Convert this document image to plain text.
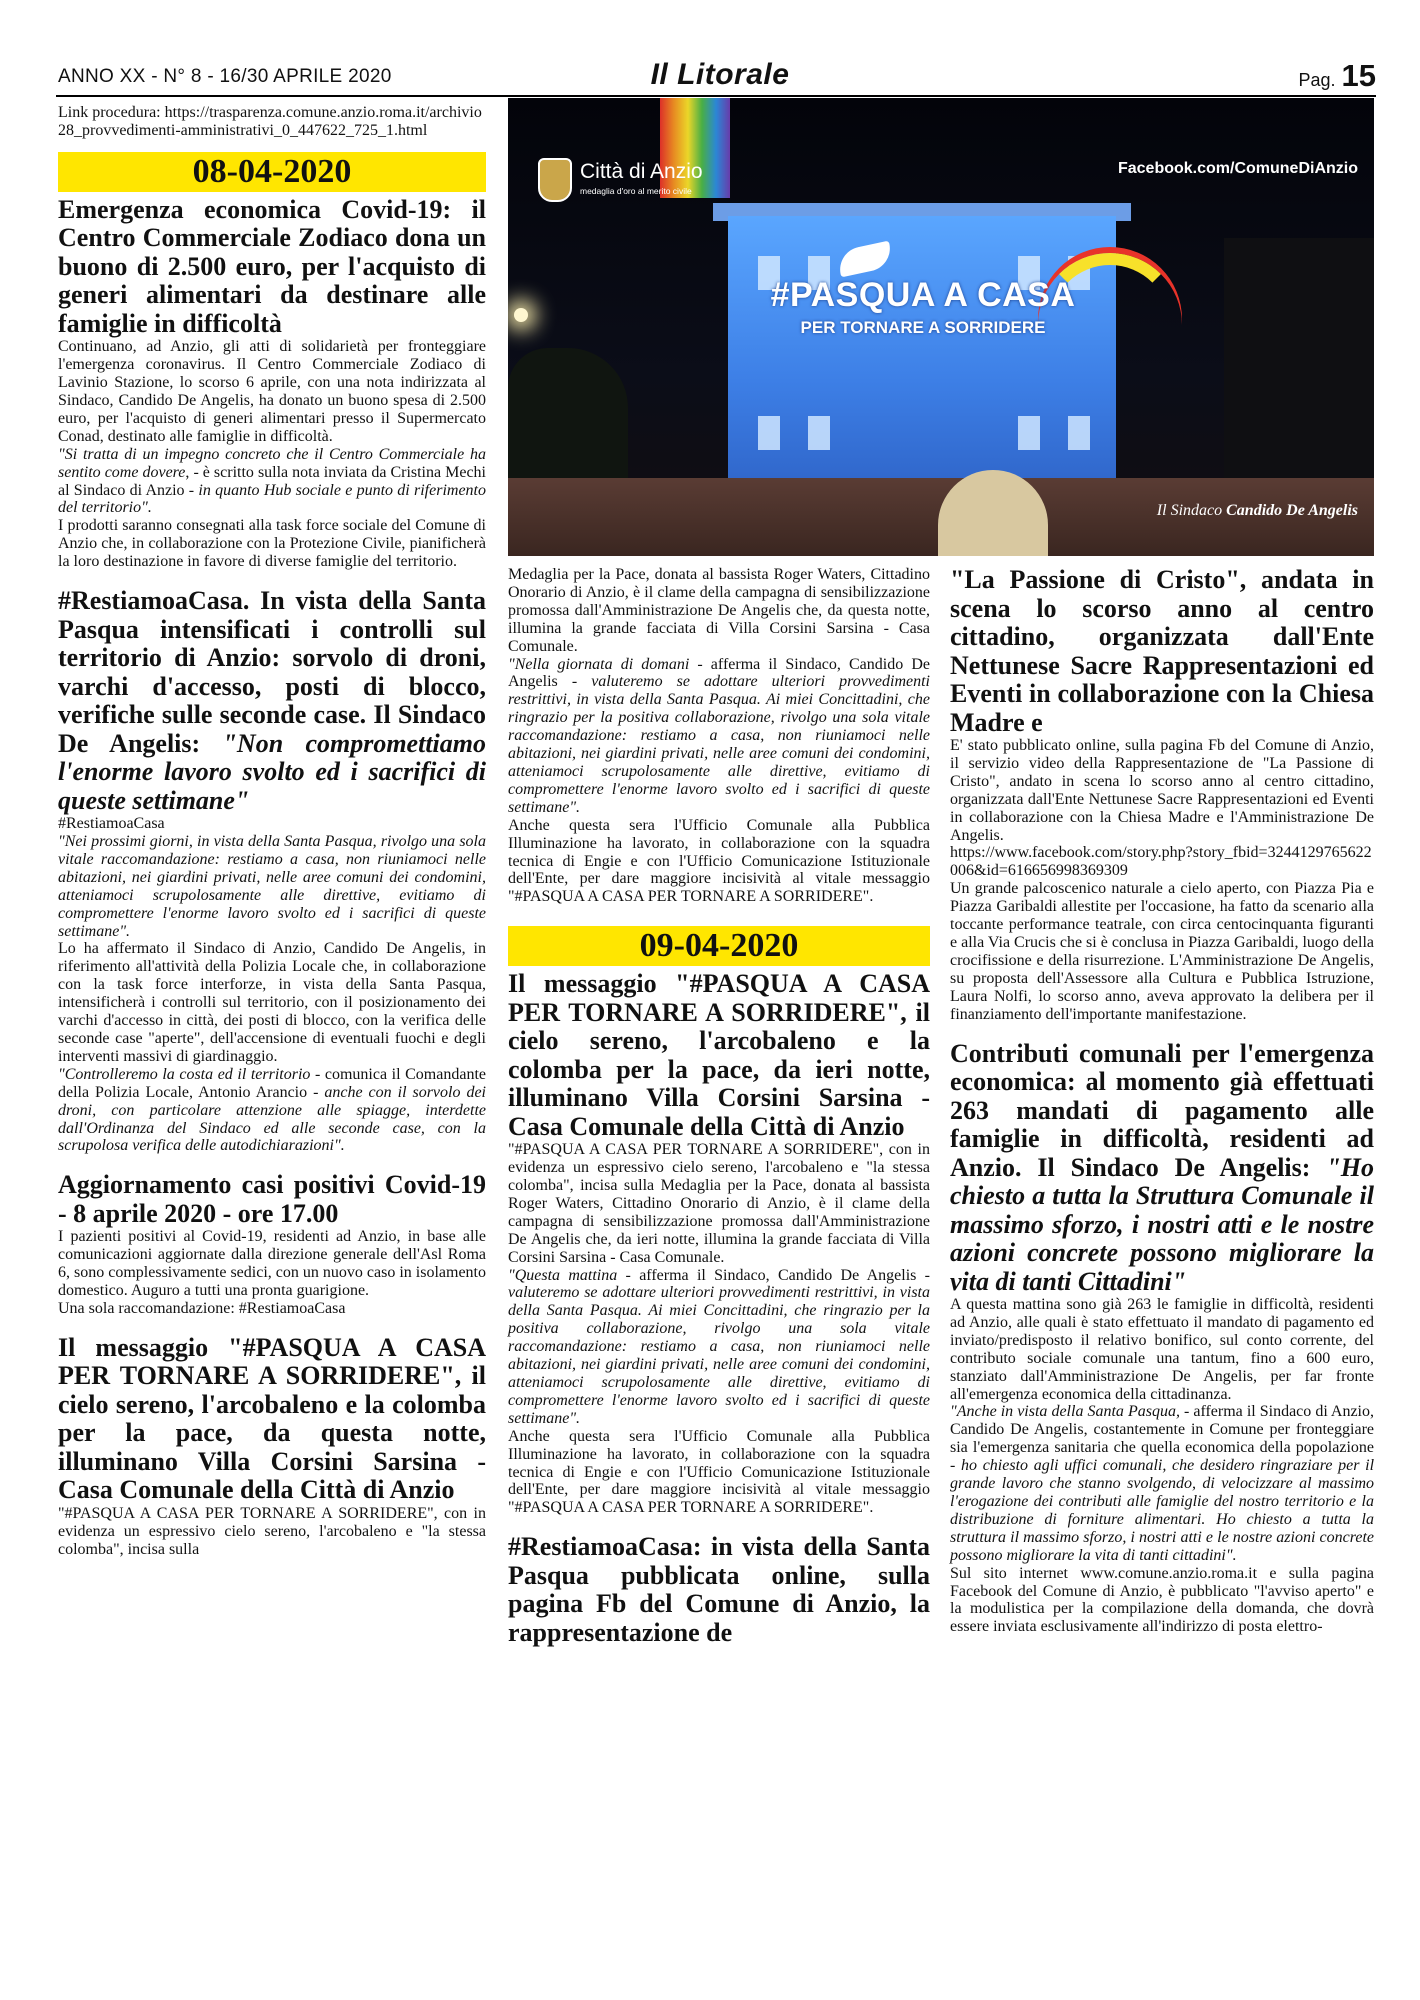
ANNO XX - N° 8 - 16/30 APRILE 2020	Il Litorale	Pag. 15

Link procedura: https://trasparenza.comune.anzio.roma.it/archivio28_provvedimenti-amministrativi_0_447622_725_1.html

08-04-2020
Emergenza economica Covid-19: il Centro Commerciale Zodiaco dona un buono di 2.500 euro, per l'acquisto di generi alimentari da destinare alle famiglie in difficoltà

Continuano, ad Anzio, gli atti di solidarietà per fronteggiare l'emergenza coronavirus. Il Centro Commerciale Zodiaco di Lavinio Stazione, lo scorso 6 aprile, con una nota indirizzata al Sindaco, Candido De Angelis, ha donato un buono spesa di 2.500 euro, per l'acquisto di generi alimentari presso il Supermercato Conad, destinato alle famiglie in difficoltà.

"Si tratta di un impegno concreto che il Centro Commerciale ha sentito come dovere, - è scritto sulla nota inviata da Cristina Mechi al Sindaco di Anzio - in quanto Hub sociale e punto di riferimento del territorio".

I prodotti saranno consegnati alla task force sociale del Comune di Anzio che, in collaborazione con la Protezione Civile, pianificherà la loro destinazione in favore di diverse famiglie del territorio.

#RestiamoaCasa. In vista della Santa Pasqua intensificati i controlli sul territorio di Anzio: sorvolo di droni, varchi d'accesso, posti di blocco, verifiche sulle seconde case. Il Sindaco De Angelis: "Non compromettiamo l'enorme lavoro svolto ed i sacrifici di queste settimane"

#RestiamoaCasa

"Nei prossimi giorni, in vista della Santa Pasqua, rivolgo una sola vitale raccomandazione: restiamo a casa, non riuniamoci nelle abitazioni, nei giardini privati, nelle aree comuni dei condomini, atteniamoci scrupolosamente alle direttive, evitiamo di compromettere l'enorme lavoro svolto ed i sacrifici di queste settimane".

Lo ha affermato il Sindaco di Anzio, Candido De Angelis, in riferimento all'attività della Polizia Locale che, in collaborazione con la task force interforze, in vista della Santa Pasqua, intensificherà i controlli sul territorio, con il posizionamento dei varchi d'accesso in città, dei posti di blocco, con la verifica delle seconde case "aperte", dell'accensione di eventuali fuochi e degli interventi massivi di giardinaggio.

"Controlleremo la costa ed il territorio - comunica il Comandante della Polizia Locale, Antonio Arancio - anche con il sorvolo dei droni, con particolare attenzione alle spiagge, interdette dall'Ordinanza del Sindaco ed alle seconde case, con la scrupolosa verifica delle autodichiarazioni".

Aggiornamento casi positivi Covid-19 - 8 aprile 2020 - ore 17.00

I pazienti positivi al Covid-19, residenti ad Anzio, in base alle comunicazioni aggiornate dalla direzione generale dell'Asl Roma 6, sono complessivamente sedici, con un nuovo caso in isolamento domestico. Auguro a tutti una pronta guarigione.

Una sola raccomandazione: #RestiamoaCasa

Il messaggio "#PASQUA A CASA PER TORNARE A SORRIDERE", il cielo sereno, l'arcobaleno e la colomba per la pace, da questa notte, illuminano Villa Corsini Sarsina - Casa Comunale della Città di Anzio

"#PASQUA A CASA PER TORNARE A SORRIDERE", con in evidenza un espressivo cielo sereno, l'arcobaleno e "la stessa colomba", incisa sulla

#PASQUA A CASA
PER TORNARE A SORRIDERE
Città di Anzio
medaglia d'oro al merito civile
Facebook.com/ComuneDiAnzio
Il Sindaco Candido De Angelis

Medaglia per la Pace, donata al bassista Roger Waters, Cittadino Onorario di Anzio, è il clame della campagna di sensibilizzazione promossa dall'Amministrazione De Angelis che, da questa notte, illumina la grande facciata di Villa Corsini Sarsina - Casa Comunale.

"Nella giornata di domani - afferma il Sindaco, Candido De Angelis - valuteremo se adottare ulteriori provvedimenti restrittivi, in vista della Santa Pasqua. Ai miei Concittadini, che ringrazio per la positiva collaborazione, rivolgo una sola vitale raccomandazione: restiamo a casa, non riuniamoci nelle abitazioni, nei giardini privati, nelle aree comuni dei condomini, atteniamoci scrupolosamente alle direttive, evitiamo di compromettere l'enorme lavoro svolto ed i sacrifici di queste settimane".

Anche questa sera l'Ufficio Comunale alla Pubblica Illuminazione ha lavorato, in collaborazione con la squadra tecnica di Engie e con l'Ufficio Comunicazione Istituzionale dell'Ente, per dare maggiore incisività al vitale messaggio "#PASQUA A CASA PER TORNARE A SORRIDERE".

09-04-2020
Il messaggio "#PASQUA A CASA PER TORNARE A SORRIDERE", il cielo sereno, l'arcobaleno e la colomba per la pace, da ieri notte, illuminano Villa Corsini Sarsina - Casa Comunale della Città di Anzio

"#PASQUA A CASA PER TORNARE A SORRIDERE", con in evidenza un espressivo cielo sereno, l'arcobaleno e "la stessa colomba", incisa sulla Medaglia per la Pace, donata al bassista Roger Waters, Cittadino Onorario di Anzio, è il clame della campagna di sensibilizzazione promossa dall'Amministrazione De Angelis che, da ieri notte, illumina la grande facciata di Villa Corsini Sarsina - Casa Comunale.

"Questa mattina - afferma il Sindaco, Candido De Angelis - valuteremo se adottare ulteriori provvedimenti restrittivi, in vista della Santa Pasqua. Ai miei Concittadini, che ringrazio per la positiva collaborazione, rivolgo una sola vitale raccomandazione: restiamo a casa, non riuniamoci nelle abitazioni, nei giardini privati, nelle aree comuni dei condomini, atteniamoci scrupolosamente alle direttive, evitiamo di compromettere l'enorme lavoro svolto ed i sacrifici di queste settimane".

Anche questa sera l'Ufficio Comunale alla Pubblica Illuminazione ha lavorato, in collaborazione con la squadra tecnica di Engie e con l'Ufficio Comunicazione Istituzionale dell'Ente, per dare maggiore incisività al vitale messaggio "#PASQUA A CASA PER TORNARE A SORRIDERE".

#RestiamoaCasa: in vista della Santa Pasqua pubblicata online, sulla pagina Fb del Comune di Anzio, la rappresentazione de
"La Passione di Cristo", andata in scena lo scorso anno al centro cittadino, organizzata dall'Ente Nettunese Sacre Rappresentazioni ed Eventi in collaborazione con la Chiesa Madre e

E' stato pubblicato online, sulla pagina Fb del Comune di Anzio, il servizio video della Rappresentazione de "La Passione di Cristo", andato in scena lo scorso anno al centro cittadino, organizzata dall'Ente Nettunese Sacre Rappresentazioni ed Eventi in collaborazione con la Chiesa Madre e l'Amministrazione De Angelis.

https://www.facebook.com/story.php?story_fbid=3244129765622006&id=616656998369309

Un grande palcoscenico naturale a cielo aperto, con Piazza Pia e Piazza Garibaldi allestite per l'occasione, ha fatto da scenario alla toccante performance teatrale, con circa centocinquanta figuranti e alla Via Crucis che si è conclusa in Piazza Garibaldi, luogo della crocifissione e della risurrezione. L'Amministrazione De Angelis, su proposta dell'Assessore alla Cultura e Pubblica Istruzione, Laura Nolfi, lo scorso anno, aveva approvato la delibera per il finanziamento dell'importante manifestazione.

Contributi comunali per l'emergenza economica: al momento già effettuati 263 mandati di pagamento alle famiglie in difficoltà, residenti ad Anzio. Il Sindaco De Angelis: "Ho chiesto a tutta la Struttura Comunale il massimo sforzo, i nostri atti e le nostre azioni concrete possono migliorare la vita di tanti Cittadini"

A questa mattina sono già 263 le famiglie in difficoltà, residenti ad Anzio, alle quali è stato effettuato il mandato di pagamento ed inviato/predisposto il relativo bonifico, sul conto corrente, del contributo sociale comunale una tantum, fino a 600 euro, stanziato dall'Amministrazione De Angelis, per far fronte all'emergenza economica della cittadinanza.

"Anche in vista della Santa Pasqua, - afferma il Sindaco di Anzio, Candido De Angelis, costantemente in Comune per fronteggiare sia l'emergenza sanitaria che quella economica della popolazione - ho chiesto agli uffici comunali, che desidero ringraziare per il grande lavoro che stanno svolgendo, di velocizzare al massimo l'erogazione dei contributi alle famiglie del nostro territorio e la distribuzione di forniture alimentari. Ho chiesto a tutta la struttura il massimo sforzo, i nostri atti e le nostre azioni concrete possono migliorare la vita di tanti cittadini".

Sul sito internet www.comune.anzio.roma.it e sulla pagina Facebook del Comune di Anzio, è pubblicato "l'avviso aperto" e la modulistica per la compilazione della domanda, che dovrà essere inviata esclusivamente all'indirizzo di posta elettro-
